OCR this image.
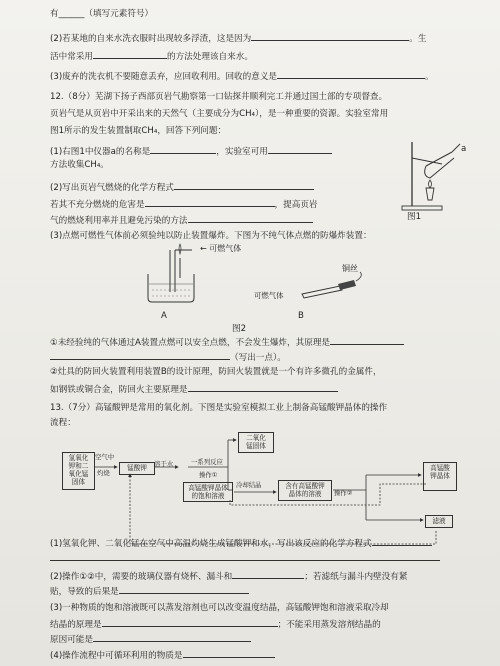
有______（填写元素符号）
(2)若某地的自来水洗衣服时出现较多浮渣，这是因为	。生
活中常采用	的方法处理该自来水。
(3)废弃的洗衣机不要随意丢弃，应回收利用。回收的意义是	。
12.（8分）芜湖下扬子西部页岩气勘察第一口钻探井顺利完工并通过国土部的专项督查。
页岩气是从页岩中开采出来的天然气（主要成分为CH₄），是一种重要的资源。实验室常用
图1所示的发生装置制取CH₄，回答下列问题：
(1)右图1中仪器a的名称是	，实验室可用
方法收集CH₄。
(2)写出页岩气燃烧的化学方程式
若其不充分燃烧的危害是	，提高页岩
气的燃烧利用率并且避免污染的方法
(3)点燃可燃性气体前必须验纯以防止装置爆炸。下图为不纯气体点燃的防爆炸装置：
a
图1
← 可燃气体
A
铜丝
可燃气体
B
图2
①未经验纯的气体通过A装置点燃可以安全点燃，不会发生爆炸，其原理是
（写出一点）。
②灶具的防回火装置利用装置B的设计原理，防回火装置就是一个有许多微孔的金属件，
如钢铁或铜合金，防回火主要原理是
13.（7分）高锰酸钾是常用的氧化剂。下图是实验室模拟工业上制备高锰酸钾晶体的操作
流程：
氢氧化
钾和二
氧化锰
固体
空气中
灼烧
锰酸钾	溶于水	一系列反应
操作①
二氧化
锰固体
高锰酸钾晶体
的饱和溶液
冷却结晶	含有高锰酸钾
晶体的溶液	操作②
高锰酸
钾晶体
滤液
(1)氢氧化钾、二氧化锰在空气中高温灼烧生成锰酸钾和水，写出该反应的化学方程式
(2)操作①②中，需要的玻璃仪器有烧杯、漏斗和	；若滤纸与漏斗内壁没有紧
贴，导致的后果是
(3)一种物质的饱和溶液既可以蒸发溶剂也可以改变温度结晶，高锰酸钾饱和溶液采取冷却
结晶的原理是	；不能采用蒸发溶剂结晶的
原因可能是
(4)操作流程中可循环利用的物质是
